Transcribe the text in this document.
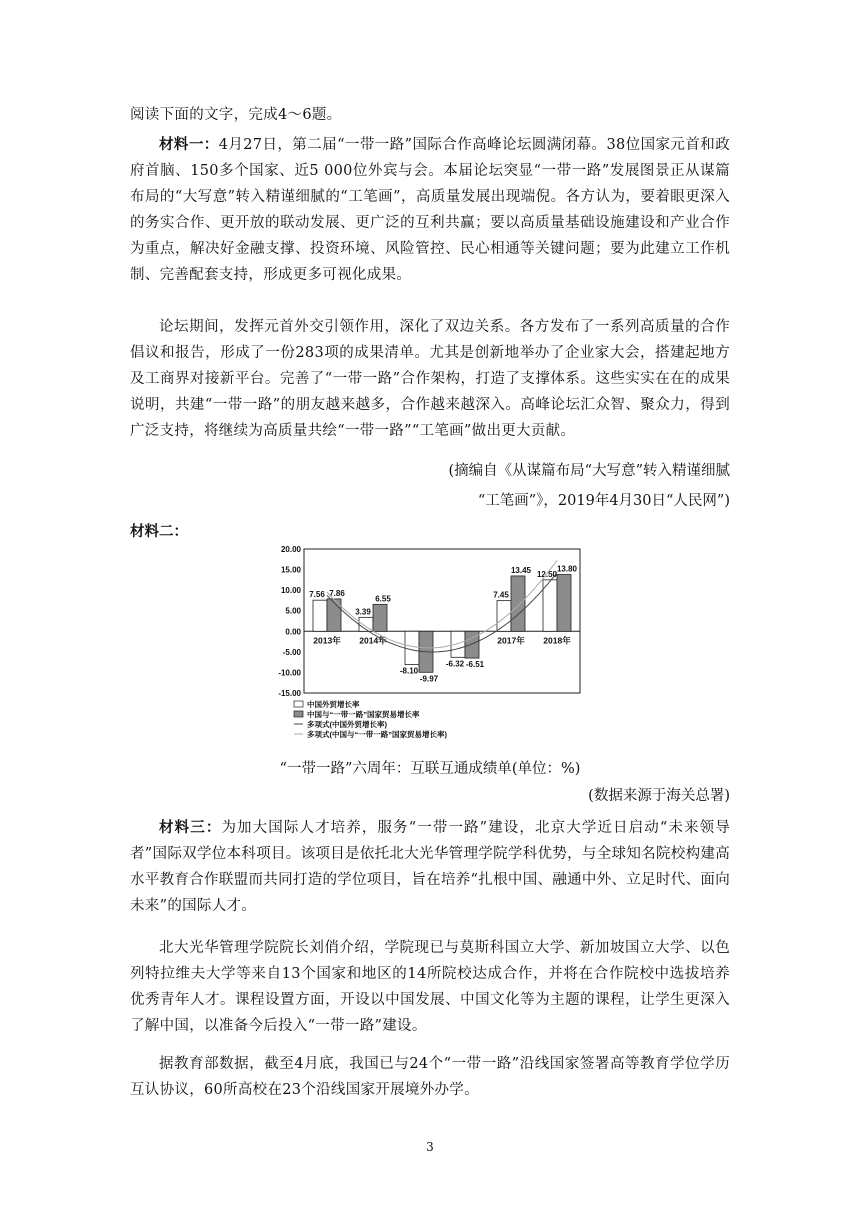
阅读下面的文字，完成4～6题。
材料一：4月27日，第二届“一带一路”国际合作高峰论坛圆满闭幕。38位国家元首和政府首脑、150多个国家、近5 000位外宾与会。本届论坛突显“一带一路”发展图景正从谋篇布局的“大写意”转入精谨细腻的“工笔画”，高质量发展出现端倪。各方认为，要着眼更深入的务实合作、更开放的联动发展、更广泛的互利共赢；要以高质量基础设施建设和产业合作为重点，解决好金融支撑、投资环境、风险管控、民心相通等关键问题；要为此建立工作机制、完善配套支持，形成更多可视化成果。
论坛期间，发挥元首外交引领作用，深化了双边关系。各方发布了一系列高质量的合作倡议和报告，形成了一份283项的成果清单。尤其是创新地举办了企业家大会，搭建起地方及工商界对接新平台。完善了“一带一路”合作架构，打造了支撑体系。这些实实在在的成果说明，共建“一带一路”的朋友越来越多，合作越来越深入。高峰论坛汇众智、聚众力，得到广泛支持，将继续为高质量共绘“一带一路”“工笔画”做出更大贡献。
(摘编自《从谋篇布局“大写意”转入精谨细腻
“工笔画”》，2019年4月30日“人民网”)
材料二：
20.00
15.00
10.00
5.00
0.00
-5.00
-10.00
-15.00
2013年
7.56 7.86
2014年
3.39
6.55
-8.10
-9.97
-6.32 -6.51
2017年
7.45
13.45
2018年
12.50
13.80
中国外贸增长率
中国与“一带一路”国家贸易增长率
多项式(中国外贸增长率)
多项式(中国与“一带一路”国家贸易增长率)
“一带一路”六周年：互联互通成绩单(单位：%)
(数据来源于海关总署)
材料三：为加大国际人才培养，服务“一带一路”建设，北京大学近日启动“未来领导者”国际双学位本科项目。该项目是依托北大光华管理学院学科优势，与全球知名院校构建高水平教育合作联盟而共同打造的学位项目，旨在培养“扎根中国、融通中外、立足时代、面向未来”的国际人才。
北大光华管理学院院长刘俏介绍，学院现已与莫斯科国立大学、新加坡国立大学、以色列特拉维夫大学等来自13个国家和地区的14所院校达成合作，并将在合作院校中选拔培养优秀青年人才。课程设置方面，开设以中国发展、中国文化等为主题的课程，让学生更深入了解中国，以准备今后投入“一带一路”建设。
据教育部数据，截至4月底，我国已与24个“一带一路”沿线国家签署高等教育学位学历互认协议，60所高校在23个沿线国家开展境外办学。
3
